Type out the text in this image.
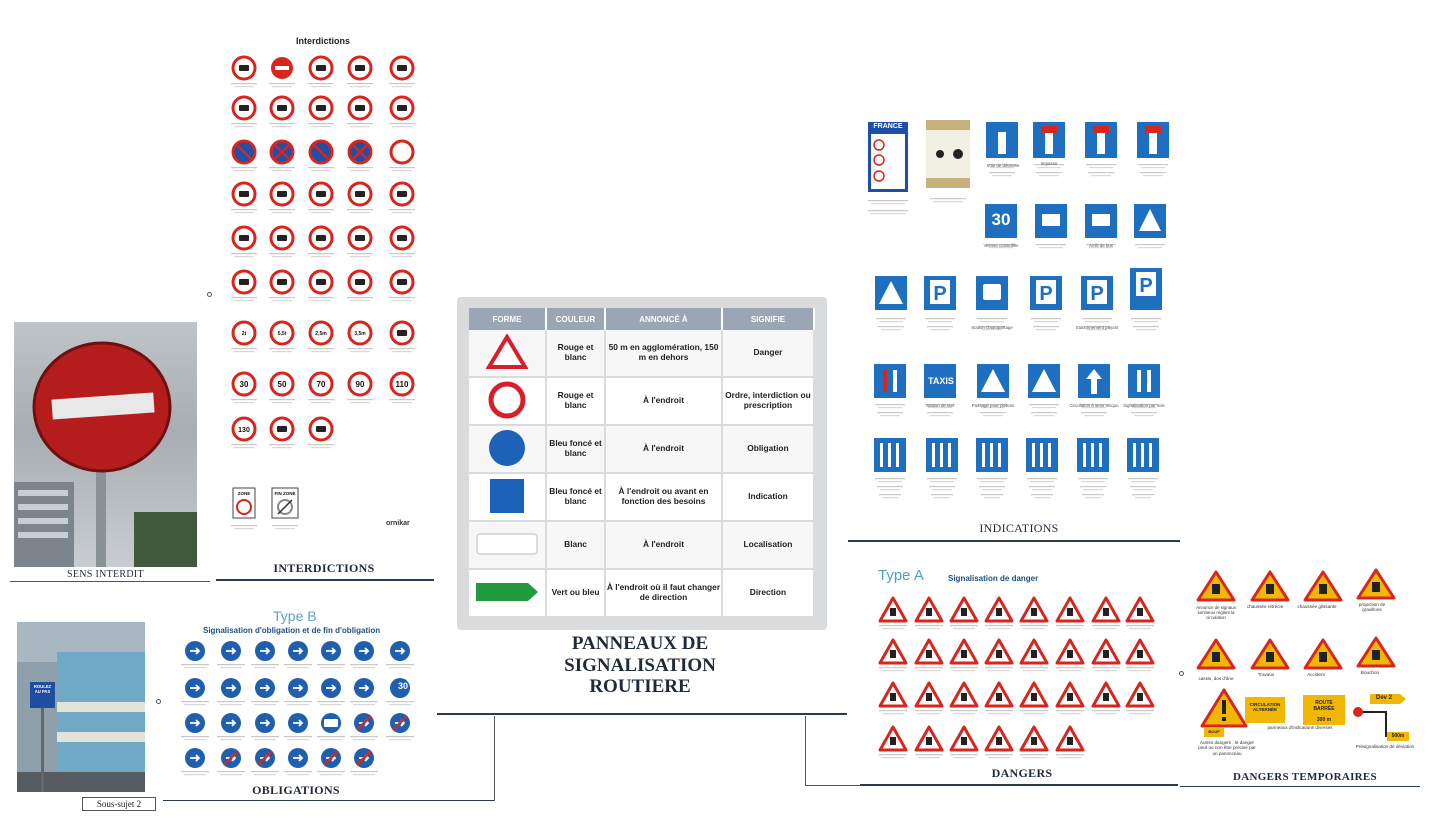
SENS INTERDIT
Interdictions
2t	5,5t	2,5m	3,5m
30	50	70	90	110
130
ZONE	FIN ZONE
ornikar
INTERDICTIONS
ROULEZ AU PAS
Sous-sujet 2
Type B
Signalisation d'obligation et de fin d'obligation
30
OBLIGATIONS
FORME	COULEUR	ANNONCÉ À	SIGNIFIE
	Rouge et blanc	50 m en agglomération, 150 m en dehors	Danger
	Rouge et blanc	À l'endroit	Ordre, interdiction ou prescription
	Bleu foncé et blanc	À l'endroit	Obligation
	Bleu foncé et blanc	À l'endroit ou avant en fonction des besoins	Indication
	Blanc	À l'endroit	Localisation
	Vert ou bleu	À l'endroit où il faut changer de direction	Direction
PANNEAUX DE SIGNALISATION ROUTIERE
P	P P P
Voie de détresse	Impasse
Vitesse conseillée	Arrêt de bus
Station d'autopartage	Stationnement payant
Station de taxi	Passage pour piétons	Circulation à sens unique Signalisation par voie
FRANCE
30
TAXIS
INDICATIONS
Type A	Signalisation de danger
DANGERS
CIRCULATION ALTERNÉE
ROUTE BARRÉE
300 m
BOUF
Dev 2
500m
Autres dangers : le danger peut ou non être précisé par un panonceau
panneaux d'indications diverses
Présignalisation de déviation
Annonce de signaux lumineux réglant la circulation
chaussée rétrécie	chaussée glissante	projection de gravillons
cassis, dos d'âne
Travaux	Accident	Bouchon
DANGERS TEMPORAIRES
